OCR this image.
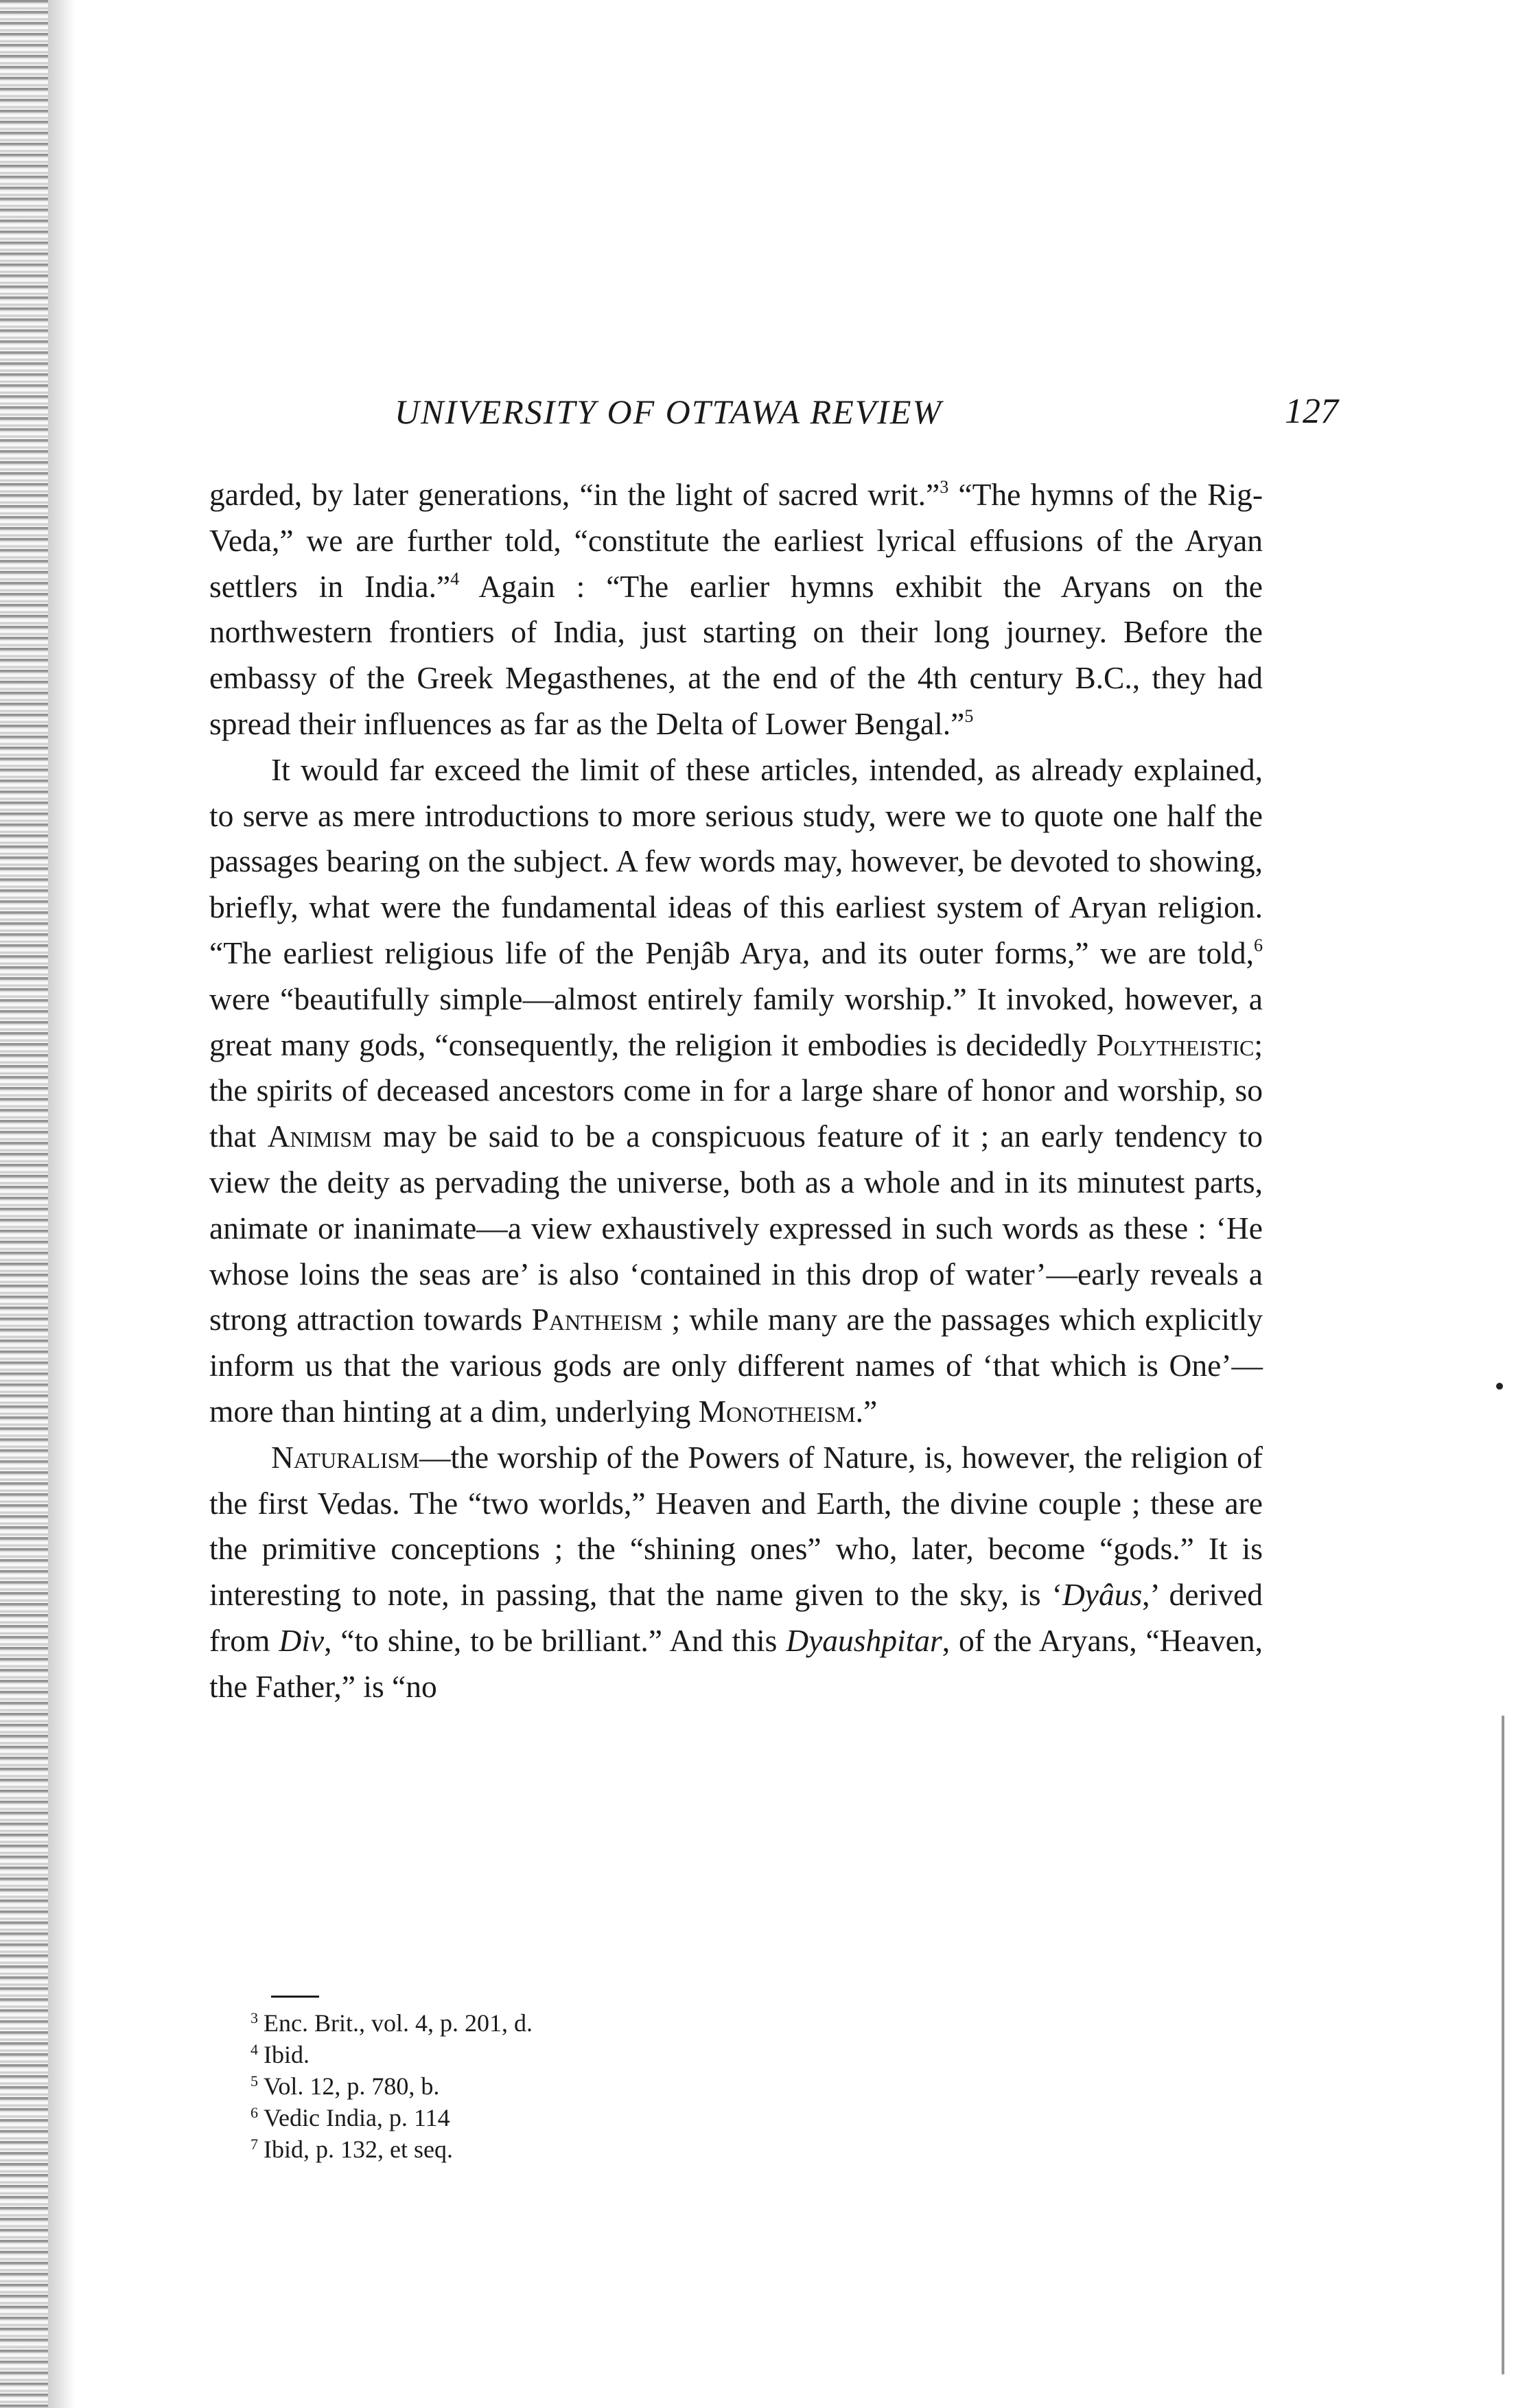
UNIVERSITY OF OTTAWA REVIEW	127

garded, by later generations, “in the light of sacred writ.”$^3$ “The hymns of the Rig-Veda,” we are further told, “constitute the earliest lyrical effusions of the Aryan settlers in India.”$^4$ Again : “The earlier hymns exhibit the Aryans on the northwestern frontiers of India, just starting on their long journey. Before the embassy of the Greek Megasthenes, at the end of the 4th century B.C., they had spread their influences as far as the Delta of Lower Bengal.”$^5$

It would far exceed the limit of these articles, intended, as already explained, to serve as mere introductions to more serious study, were we to quote one half the passages bearing on the subject. A few words may, however, be devoted to showing, briefly, what were the fundamental ideas of this earliest system of Aryan religion. “The earliest religious life of the Penjâb Arya, and its outer forms,” we are told,$^6$ were “beautifully simple—almost entirely family worship.” It invoked, however, a great many gods, “consequently, the religion it embodies is decidedly Polytheistic; the spirits of deceased ancestors come in for a large share of honor and worship, so that Animism may be said to be a conspicuous feature of it ; an early tendency to view the deity as pervading the universe, both as a whole and in its minutest parts, animate or inanimate—a view exhaustively expressed in such words as these : ‘He whose loins the seas are’ is also ‘contained in this drop of water’—early reveals a strong attraction towards Pantheism ; while many are the passages which explicitly inform us that the various gods are only different names of ‘that which is One’—more than hinting at a dim, underlying Monotheism.”

Naturalism—the worship of the Powers of Nature, is, however, the religion of the first Vedas. The “two worlds,” Heaven and Earth, the divine couple ; these are the primitive conceptions ; the “shining ones” who, later, become “gods.” It is interesting to note, in passing, that the name given to the sky, is ‘Dyâus,’ derived from Div, “to shine, to be brilliant.” And this Dyaushpitar, of the Aryans, “Heaven, the Father,” is “no

$^3$ Enc. Brit., vol. 4, p. 201, d.

$^4$ Ibid.

$^5$ Vol. 12, p. 780, b.

$^6$ Vedic India, p. 114

$^7$ Ibid, p. 132, et seq.
